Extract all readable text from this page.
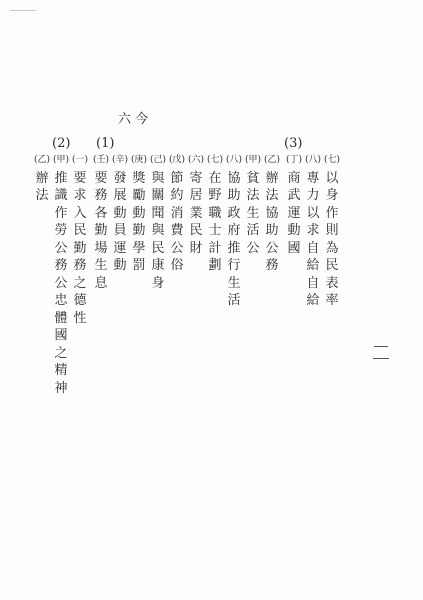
六 今
(2) (1)	(3)
(七)
以
身
作
則
為
民
表
率
(八)
專
力
以
求
自
給
自
給
(丁)
商
武
運
動
國
(乙)
辦
法
協
助
公
務
(甲)
貧
法
生
活
公
(八)
協
助
政
府
推
行
生
活
(七)
在
野
職
士
計
劃
(六)
寄
居
業
民
財
(戊)
節
約
消
費
公
俗
(己)
與
關
聞
與
民
康
身
(庚)
獎
勵
動
勤
學
罰
(辛)
發
展
動
員
運
動
(壬)
要
務
各
勤
場
生
息
(一)
要
求
入
民
勤
務
之
德
性
(甲)
推
識
作
勞
公
務
公
忠
體
國
之
精
神
(乙)
辦
法
